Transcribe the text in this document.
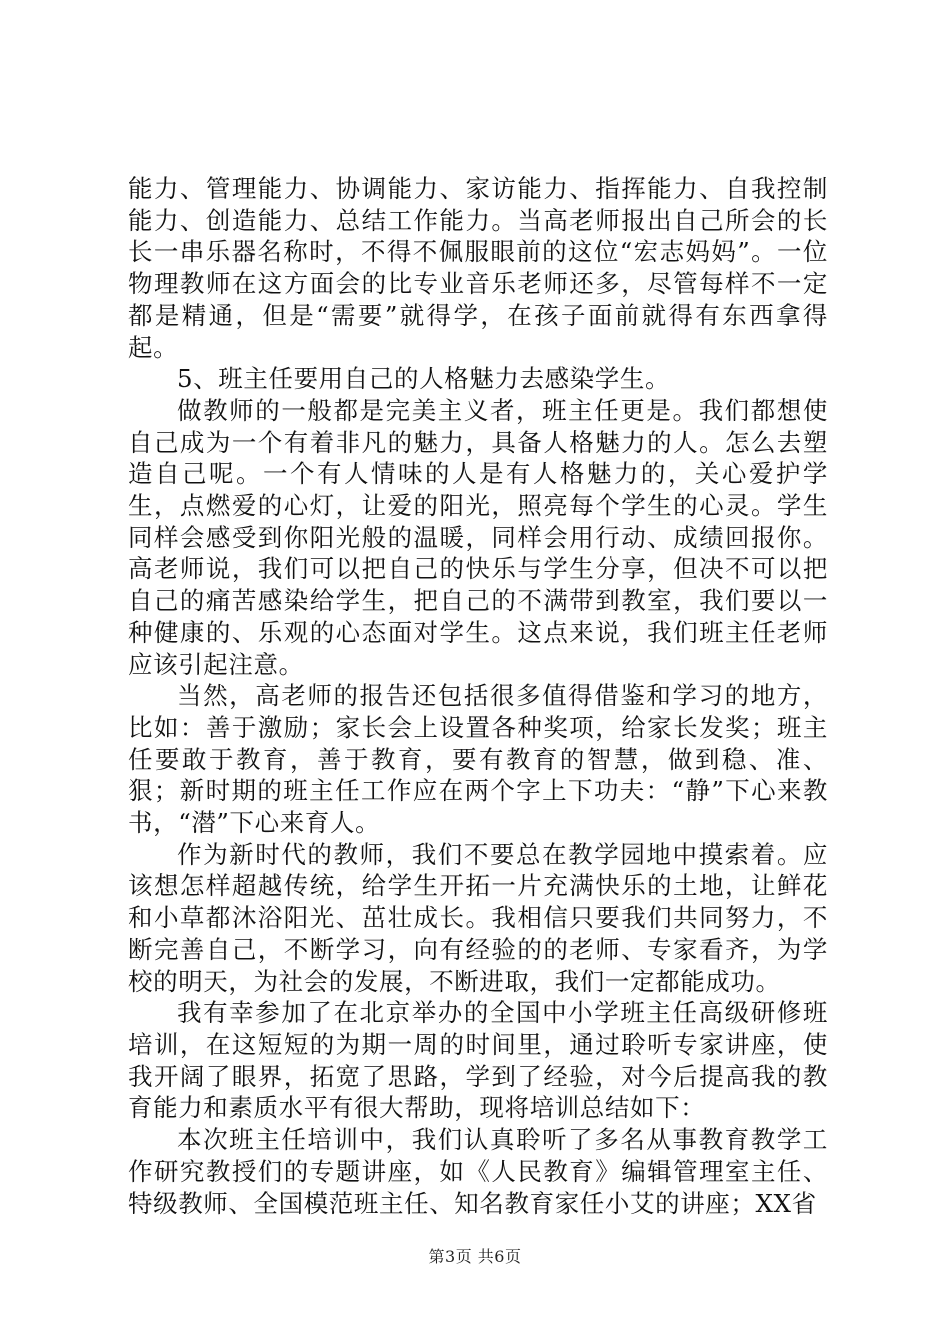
能力、管理能力、协调能力、家访能力、指挥能力、自我控制能力、创造能力、总结工作能力。当高老师报出自己所会的长长一串乐器名称时，不得不佩服眼前的这位“宏志妈妈”。一位物理教师在这方面会的比专业音乐老师还多，尽管每样不一定都是精通，但是“需要”就得学，在孩子面前就得有东西拿得起。

5、班主任要用自己的人格魅力去感染学生。

做教师的一般都是完美主义者，班主任更是。我们都想使自己成为一个有着非凡的魅力，具备人格魅力的人。怎么去塑造自己呢。一个有人情味的人是有人格魅力的，关心爱护学生，点燃爱的心灯，让爱的阳光，照亮每个学生的心灵。学生同样会感受到你阳光般的温暖，同样会用行动、成绩回报你。高老师说，我们可以把自己的快乐与学生分享，但决不可以把自己的痛苦感染给学生，把自己的不满带到教室，我们要以一种健康的、乐观的心态面对学生。这点来说，我们班主任老师应该引起注意。

当然，高老师的报告还包括很多值得借鉴和学习的地方，比如：善于激励；家长会上设置各种奖项，给家长发奖；班主任要敢于教育，善于教育，要有教育的智慧，做到稳、准、狠；新时期的班主任工作应在两个字上下功夫：“静”下心来教书，“潜”下心来育人。

作为新时代的教师，我们不要总在教学园地中摸索着。应该想怎样超越传统，给学生开拓一片充满快乐的土地，让鲜花和小草都沐浴阳光、茁壮成长。我相信只要我们共同努力，不断完善自己，不断学习，向有经验的的老师、专家看齐，为学校的明天，为社会的发展，不断进取，我们一定都能成功。

我有幸参加了在北京举办的全国中小学班主任高级研修班培训，在这短短的为期一周的时间里，通过聆听专家讲座，使我开阔了眼界，拓宽了思路，学到了经验，对今后提高我的教育能力和素质水平有很大帮助，现将培训总结如下：

本次班主任培训中，我们认真聆听了多名从事教育教学工作研究教授们的专题讲座，如《人民教育》编辑管理室主任、特级教师、全国模范班主任、知名教育家任小艾的讲座；XX省

第3页 共6页
